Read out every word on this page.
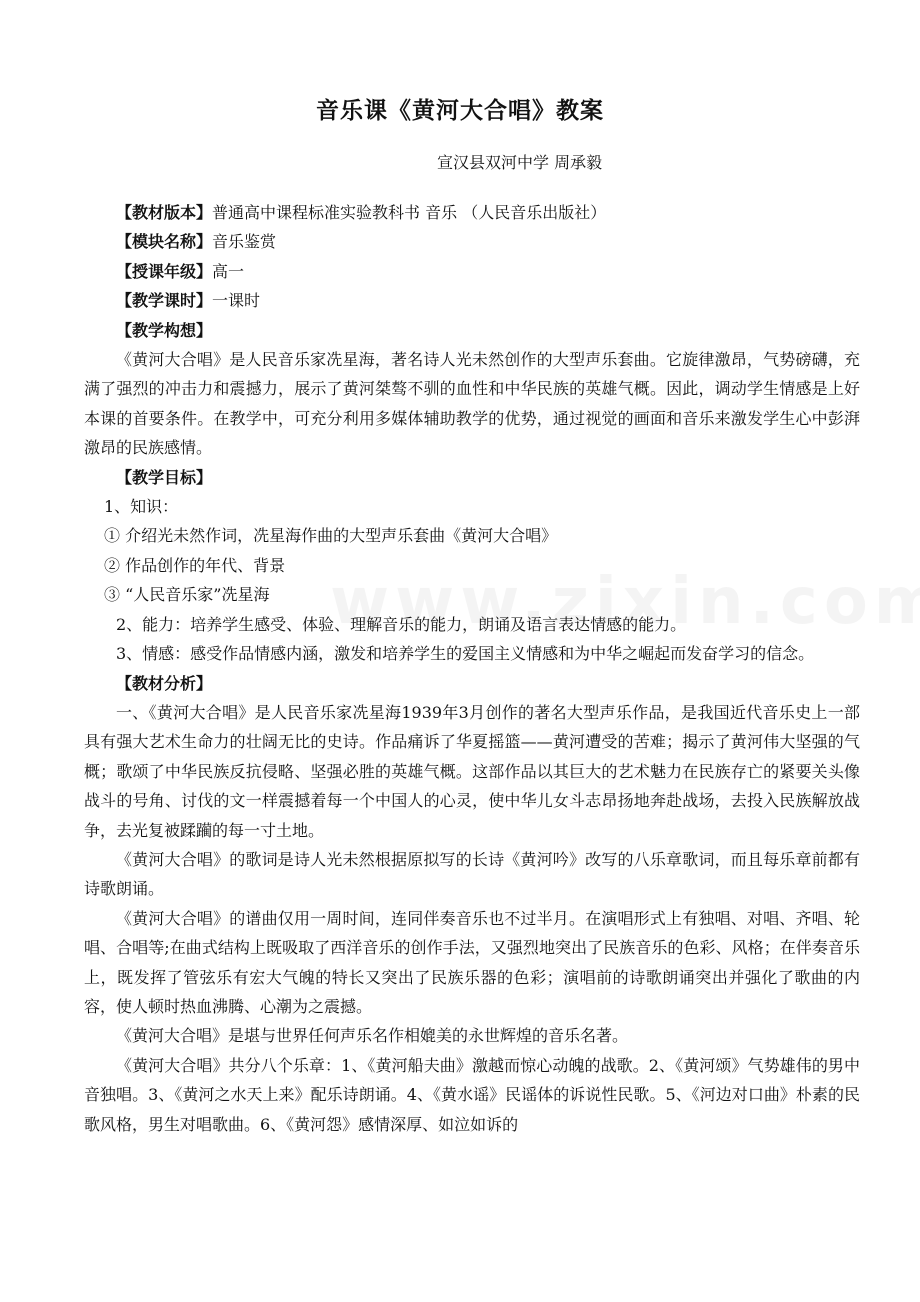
音乐课《黄河大合唱》教案
宣汉县双河中学 周承毅

【教材版本】普通高中课程标准实验教科书 音乐 （人民音乐出版社）

【模块名称】音乐鉴赏

【授课年级】高一

【教学课时】一课时

【教学构想】

《黄河大合唱》是人民音乐家冼星海，著名诗人光未然创作的大型声乐套曲。它旋律激昂，气势磅礴，充满了强烈的冲击力和震撼力，展示了黄河桀骜不驯的血性和中华民族的英雄气概。因此，调动学生情感是上好本课的首要条件。在教学中，可充分利用多媒体辅助教学的优势，通过视觉的画面和音乐来激发学生心中彭湃激昂的民族感情。

【教学目标】

1、知识：

① 介绍光未然作词，冼星海作曲的大型声乐套曲《黄河大合唱》

② 作品创作的年代、背景

③ “人民音乐家”冼星海

2、能力：培养学生感受、体验、理解音乐的能力，朗诵及语言表达情感的能力。

3、情感：感受作品情感内涵，激发和培养学生的爱国主义情感和为中华之崛起而发奋学习的信念。

【教材分析】

一、《黄河大合唱》是人民音乐家冼星海1939年3月创作的著名大型声乐作品，是我国近代音乐史上一部具有强大艺术生命力的壮阔无比的史诗。作品痛诉了华夏摇篮——黄河遭受的苦难；揭示了黄河伟大坚强的气概；歌颂了中华民族反抗侵略、坚强必胜的英雄气概。这部作品以其巨大的艺术魅力在民族存亡的紧要关头像战斗的号角、讨伐的文一样震撼着每一个中国人的心灵，使中华儿女斗志昂扬地奔赴战场，去投入民族解放战争，去光复被蹂躏的每一寸土地。

《黄河大合唱》的歌词是诗人光未然根据原拟写的长诗《黄河吟》改写的八乐章歌词，而且每乐章前都有诗歌朗诵。

《黄河大合唱》的谱曲仅用一周时间，连同伴奏音乐也不过半月。在演唱形式上有独唱、对唱、齐唱、轮唱、合唱等;在曲式结构上既吸取了西洋音乐的创作手法，又强烈地突出了民族音乐的色彩、风格；在伴奏音乐上，既发挥了管弦乐有宏大气魄的特长又突出了民族乐器的色彩；演唱前的诗歌朗诵突出并强化了歌曲的内容，使人顿时热血沸腾、心潮为之震撼。

《黄河大合唱》是堪与世界任何声乐名作相媲美的永世辉煌的音乐名著。

《黄河大合唱》共分八个乐章：1、《黄河船夫曲》激越而惊心动魄的战歌。2、《黄河颂》气势雄伟的男中音独唱。3、《黄河之水天上来》配乐诗朗诵。4、《黄水谣》民谣体的诉说性民歌。5、《河边对口曲》朴素的民歌风格，男生对唱歌曲。6、《黄河怨》感情深厚、如泣如诉的
